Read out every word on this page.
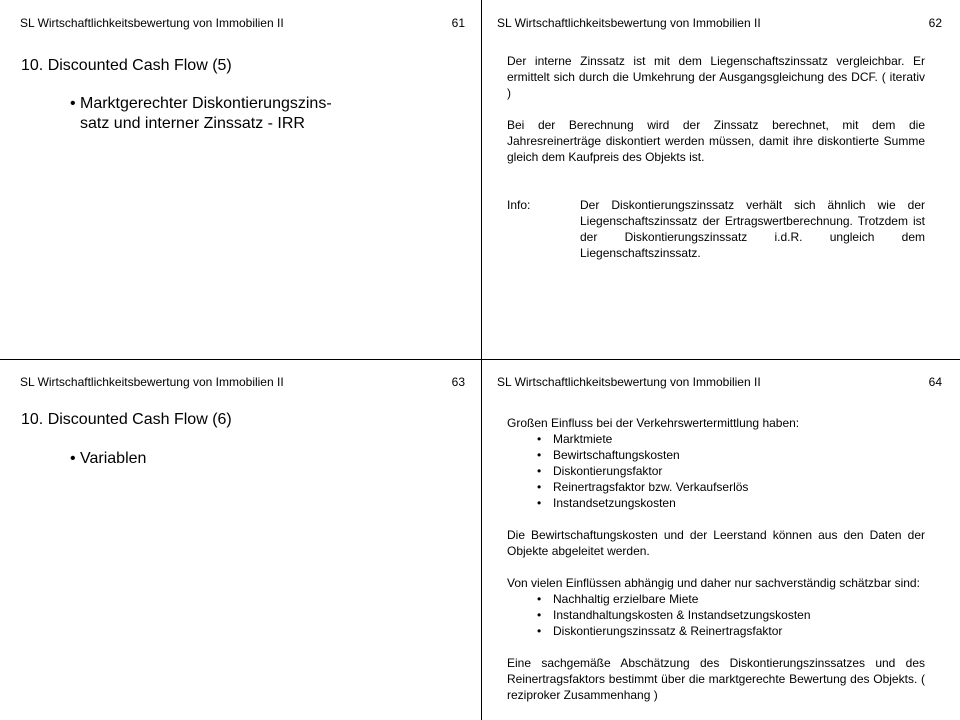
SL Wirtschaftlichkeitsbewertung von Immobilien II	61
10. Discounted Cash Flow (5)
• Marktgerechter Diskontierungszins-
satz und interner Zinssatz - IRR
SL Wirtschaftlichkeitsbewertung von Immobilien II	62

Der interne Zinssatz ist mit dem Liegenschaftszinssatz vergleichbar. Er ermittelt sich durch die Umkehrung der Ausgangsgleichung des DCF. ( iterativ )

Bei der Berechnung wird der Zinssatz berechnet, mit dem die Jahresreinerträge diskontiert werden müssen, damit ihre diskontierte Summe gleich dem Kaufpreis des Objekts ist.

Info:	Der Diskontierungszinssatz verhält sich ähnlich wie der Liegenschaftszinssatz der Ertragswertberechnung. Trotzdem ist der Diskontierungszinssatz i.d.R. ungleich dem Liegenschaftszinssatz.
SL Wirtschaftlichkeitsbewertung von Immobilien II	63
10. Discounted Cash Flow (6)
• Variablen
SL Wirtschaftlichkeitsbewertung von Immobilien II	64

Großen Einfluss bei der Verkehrswertermittlung haben:

• Marktmiete
• Bewirtschaftungskosten
• Diskontierungsfaktor
• Reinertragsfaktor bzw. Verkaufserlös
• Instandsetzungskosten

Die Bewirtschaftungskosten und der Leerstand können aus den Daten der Objekte abgeleitet werden.

Von vielen Einflüssen abhängig und daher nur sachverständig schätzbar sind:

• Nachhaltig erzielbare Miete
• Instandhaltungskosten & Instandsetzungskosten
• Diskontierungszinssatz & Reinertragsfaktor

Eine sachgemäße Abschätzung des Diskontierungszinssatzes und des Reinertragsfaktors bestimmt über die marktgerechte Bewertung des Objekts. ( reziproker Zusammenhang )
